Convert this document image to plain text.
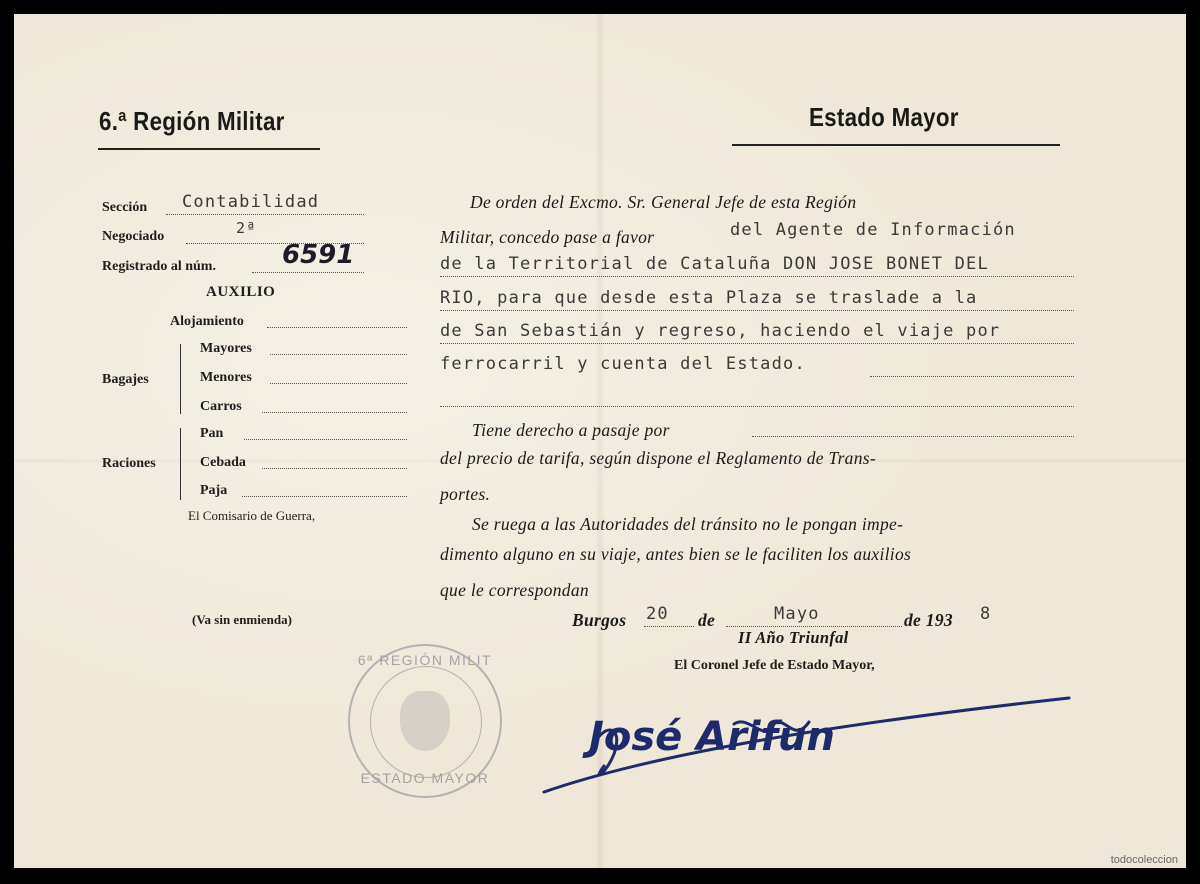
6.ª Región Militar	Estado Mayor
Sección Contabilidad
Negociado	2ª
Registrado al núm.	6591
AUXILIO
Alojamiento
Bagajes
Mayores
Menores
Carros
Raciones
Pan
Cebada
Paja
El Comisario de Guerra,
(Va sin enmienda)
De orden del Excmo. Sr. General Jefe de esta Región
Militar, concedo pase a favor	del Agente de Información
de la Territorial de Cataluña DON JOSE BONET DEL
RIO, para que desde esta Plaza se traslade a la
de San Sebastián y regreso, haciendo el viaje por
ferrocarril y cuenta del Estado.
Tiene derecho a pasaje por
del precio de tarifa, según dispone el Reglamento de Trans-
portes.
Se ruega a las Autoridades del tránsito no le pongan impe-
dimento alguno en su viaje, antes bien se le faciliten los auxilios
que le correspondan
Burgos 20 de	Mayo	de 193 8
II Año Triunfal
El Coronel Jefe de Estado Mayor,
6ª REGIÓN MILIT
ESTADO MAYOR
José Arifun
todocoleccion
